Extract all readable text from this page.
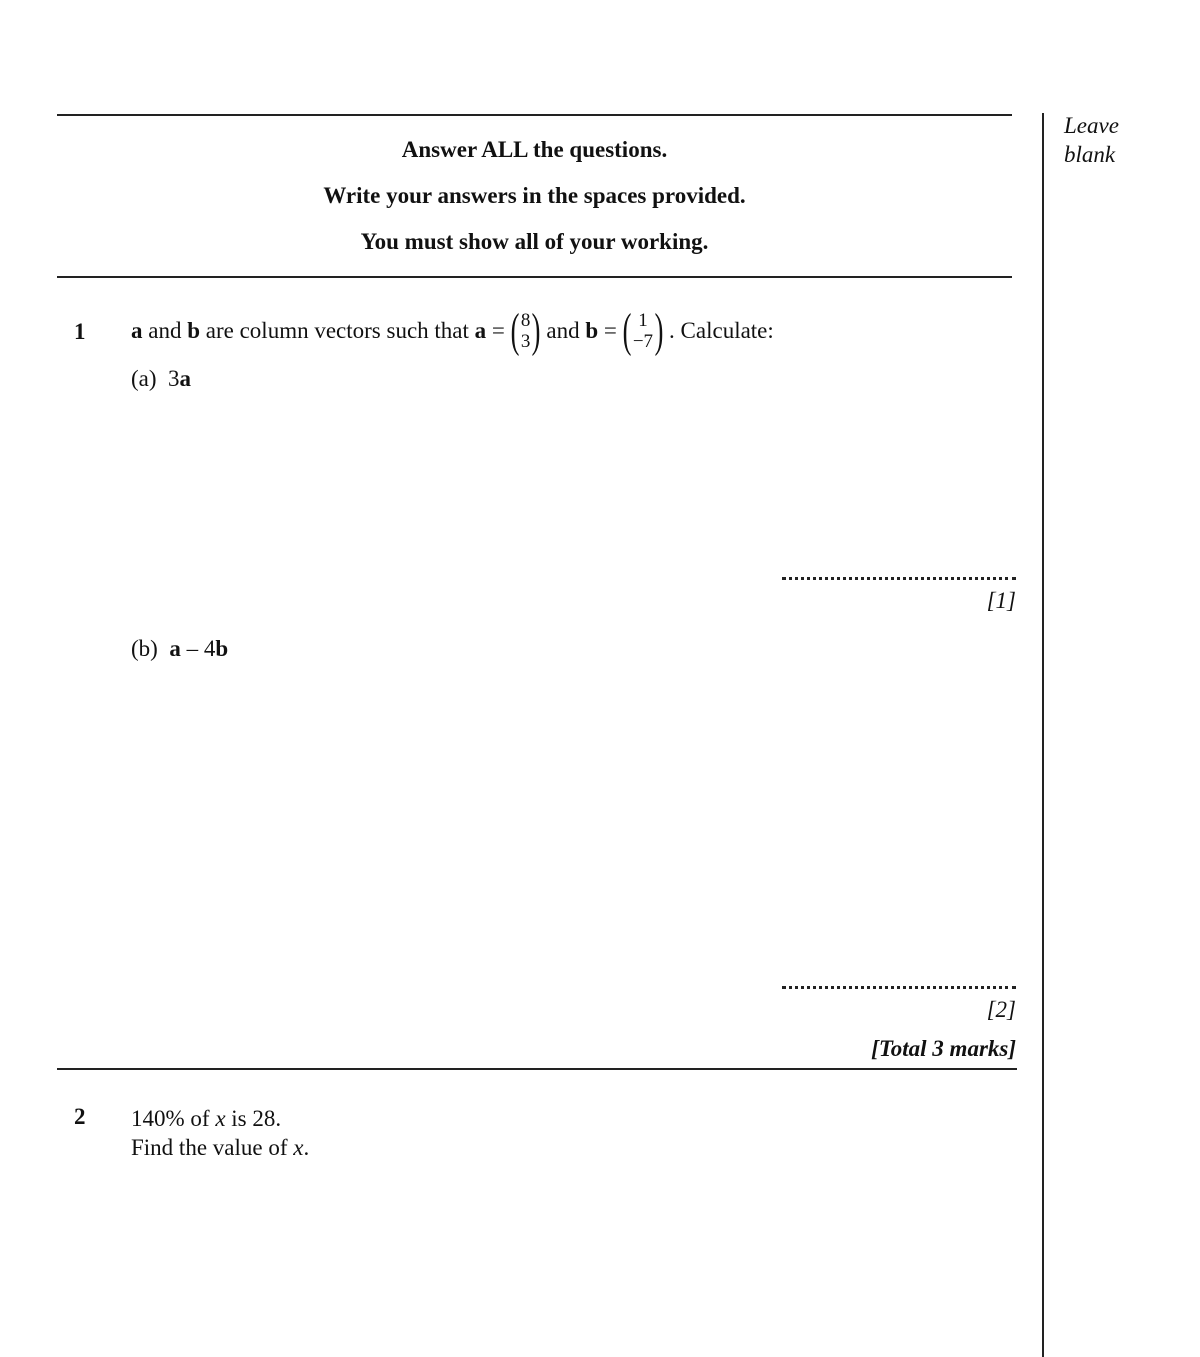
Leave
blank
Answer ALL the questions.
Write your answers in the spaces provided.
You must show all of your working.
1 a
and
b
are column vectors such that
a
= ( 8
3 ) and
b
= ( 1
−7 ) . Calculate:
(a) 3a
[1]
(b) a – 4b
[2]
[Total 3 marks]
2 140% of x is 28.
Find the value of x.
